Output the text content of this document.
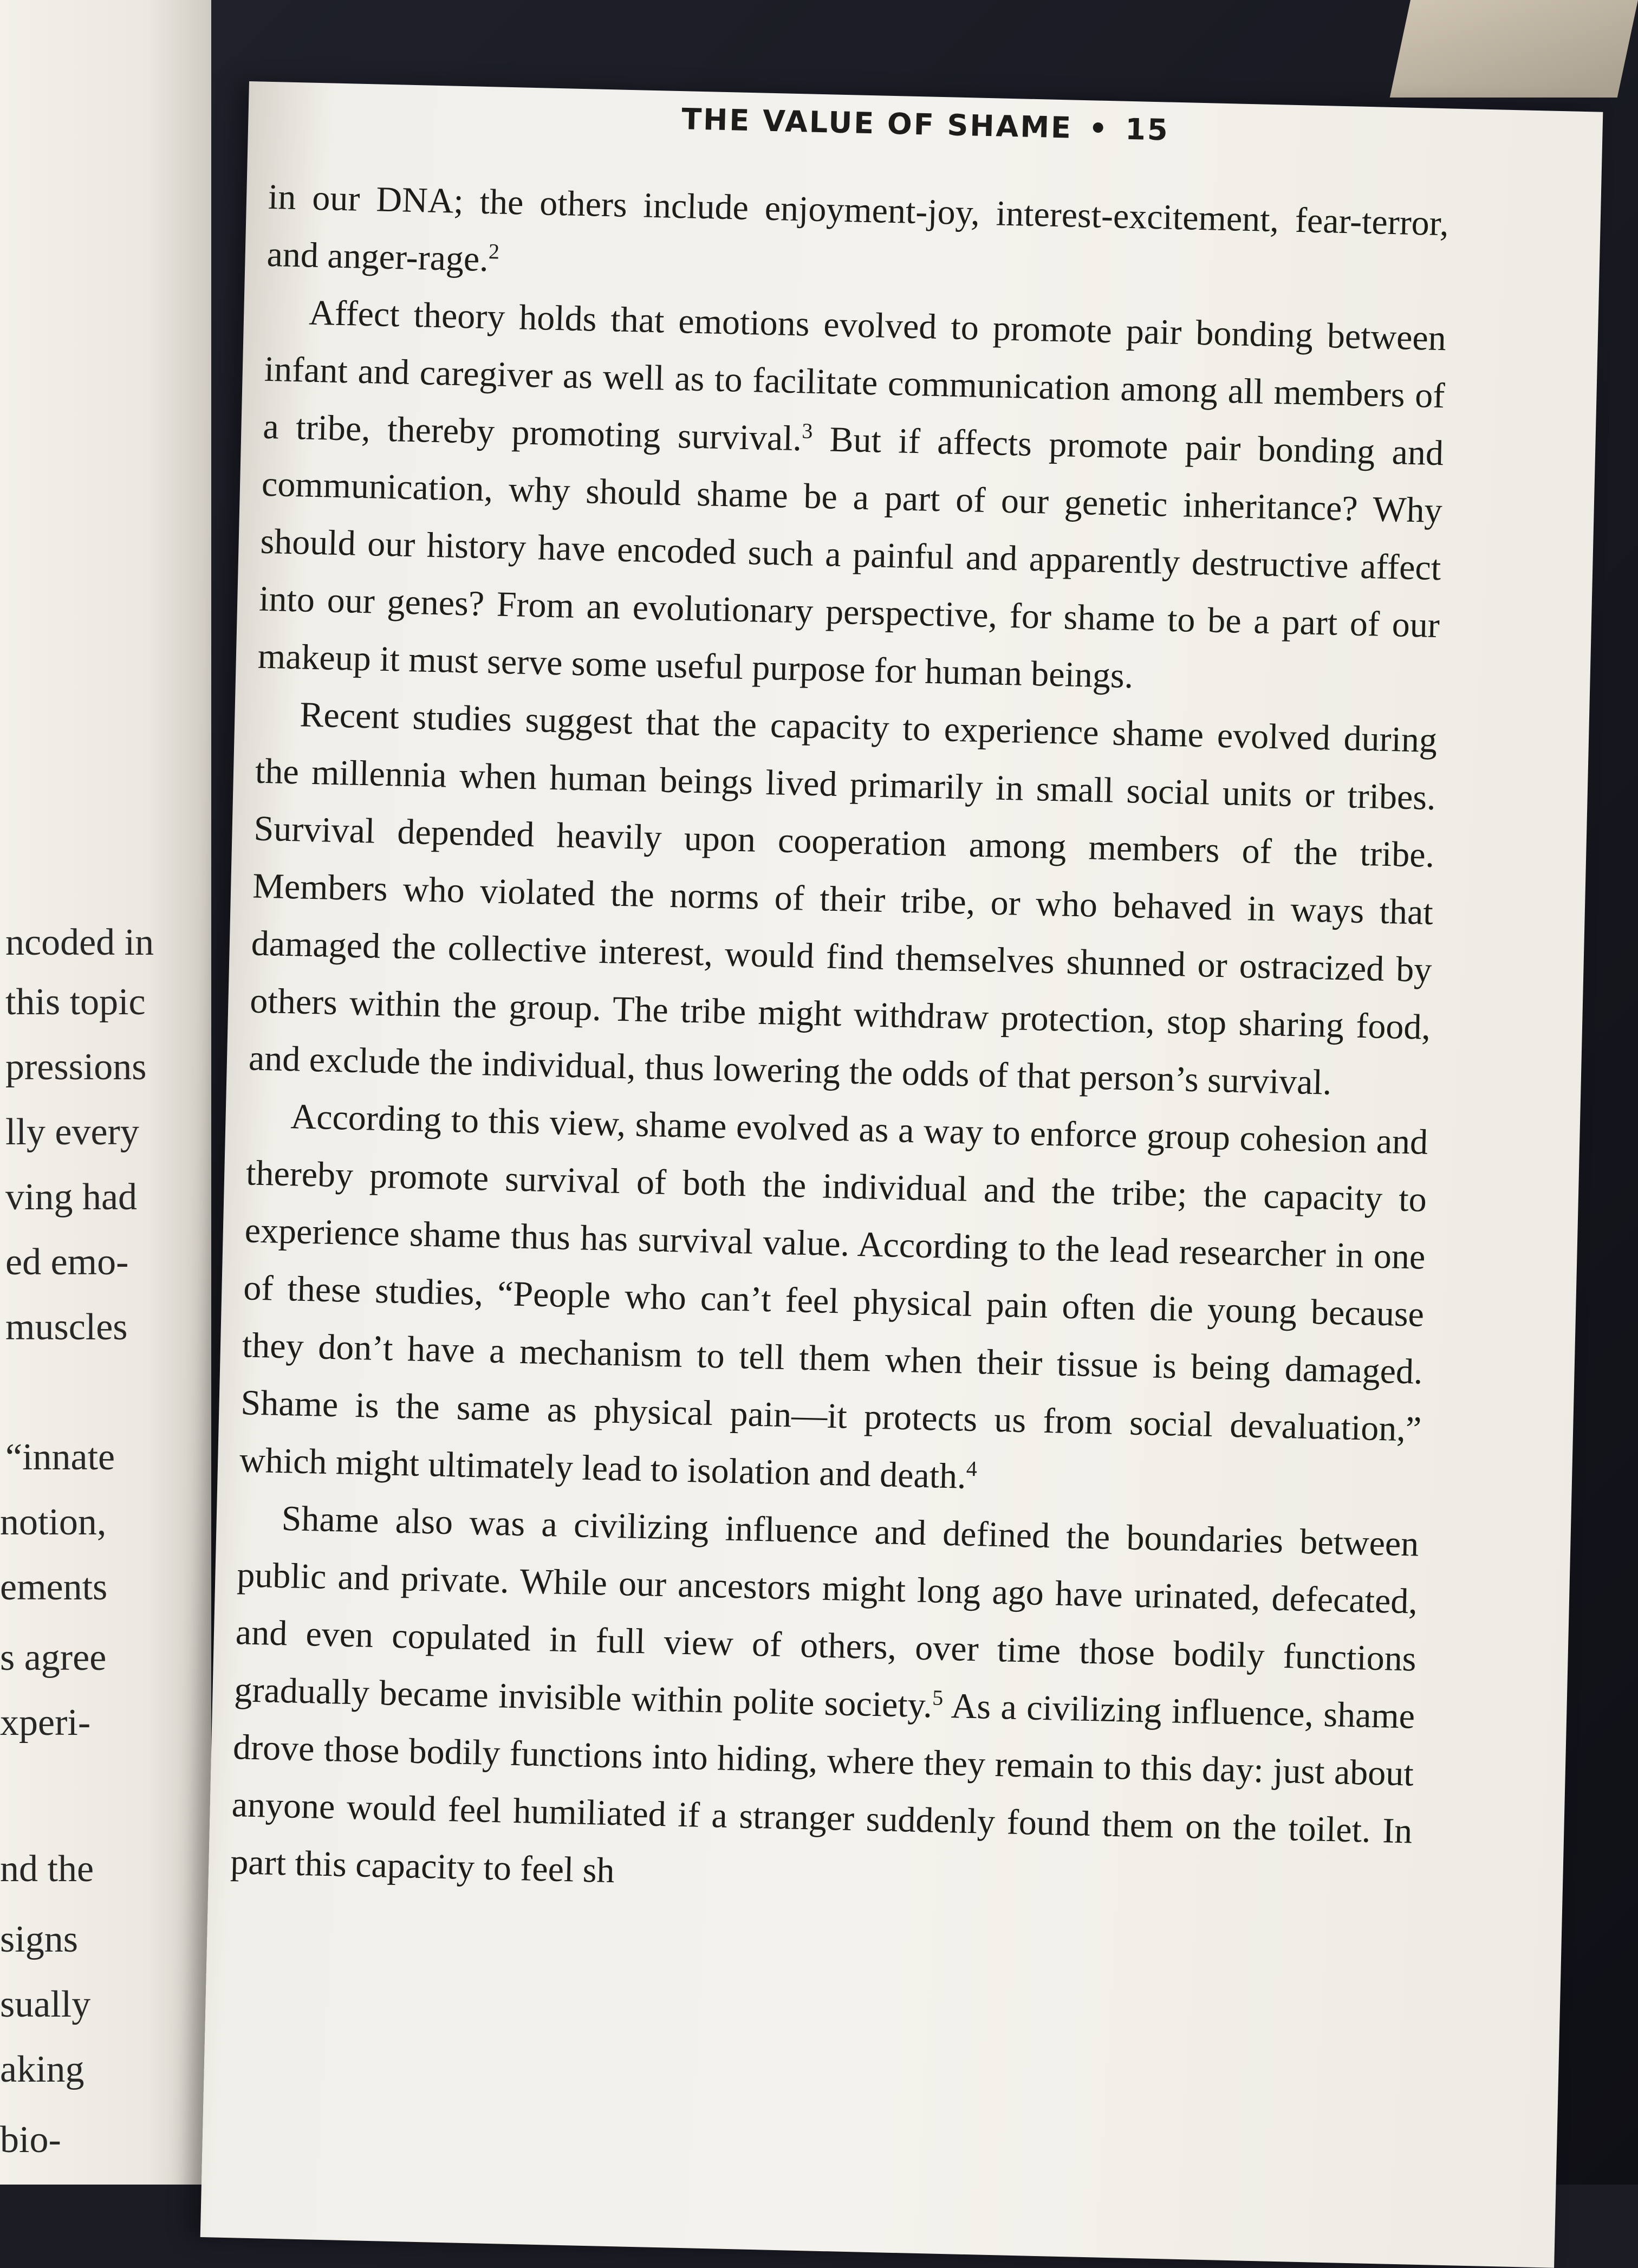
ncoded in
this topic
pressions
lly every
ving had
ed emo-
muscles
“innate
notion,
ements
s agree
xperi-
nd the
signs
sually
aking
bio-
THE VALUE OF SHAME • 15

in our DNA; the others include enjoyment-joy, interest-excitement, fear-terror, and anger-rage.$^2$

Affect theory holds that emotions evolved to promote pair bonding between infant and caregiver as well as to facilitate communication among all members of a tribe, thereby promoting survival.$^3$ But if affects promote pair bonding and communication, why should shame be a part of our genetic inheritance? Why should our history have encoded such a painful and apparently destructive affect into our genes? From an evolutionary perspective, for shame to be a part of our makeup it must serve some useful purpose for human beings.

Recent studies suggest that the capacity to experience shame evolved during the millennia when human beings lived primarily in small social units or tribes. Survival depended heavily upon cooperation among members of the tribe. Members who violated the norms of their tribe, or who behaved in ways that damaged the collective interest, would find themselves shunned or ostracized by others within the group. The tribe might withdraw protection, stop sharing food, and exclude the individual, thus lowering the odds of that person’s survival.

According to this view, shame evolved as a way to enforce group cohesion and thereby promote survival of both the individual and the tribe; the capacity to experience shame thus has survival value. According to the lead researcher in one of these studies, “People who can’t feel physical pain often die young because they don’t have a mechanism to tell them when their tissue is being damaged. Shame is the same as physical pain—it protects us from social devaluation,” which might ultimately lead to isolation and death.$^4$

Shame also was a civilizing influence and defined the boundaries between public and private. While our ancestors might long ago have urinated, defecated, and even copulated in full view of others, over time those bodily functions gradually became invisible within polite society.$^5$ As a civilizing influence, shame drove those bodily functions into hiding, where they remain to this day: just about anyone would feel humiliated if a stranger suddenly found them on the toilet. In part this capacity to feel sh
